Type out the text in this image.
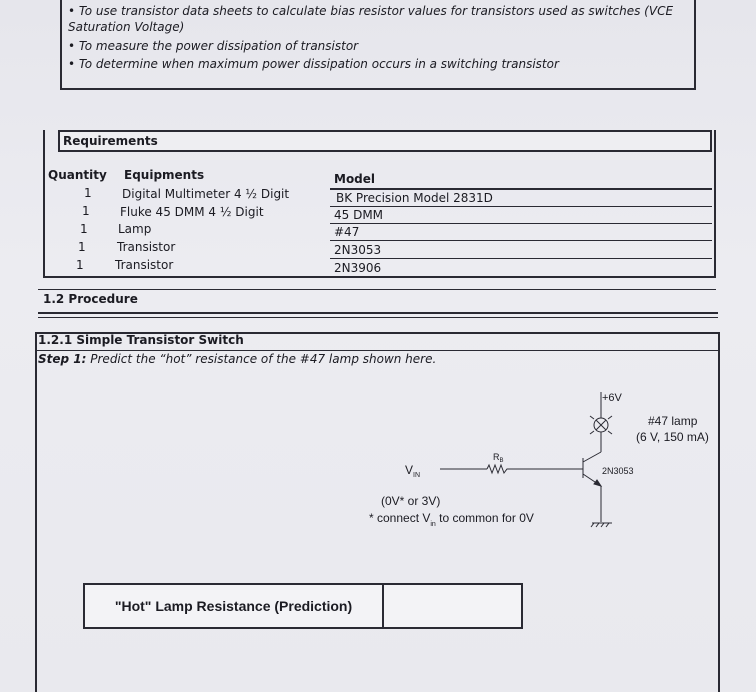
• To use transistor data sheets to calculate bias resistor values for transistors used as switches (VCE
Saturation Voltage)
• To measure the power dissipation of transistor
• To determine when maximum power dissipation occurs in a switching transistor
Requirements
Quantity Equipments	Model
1	Digital Multimeter 4 ½ Digit	BK Precision Model 2831D
1	Fluke 45 DMM 4 ½ Digit	45 DMM
1	Lamp	#47
1	Transistor	2N3053
1	Transistor	2N3906
1.2 Procedure
1.2.1 Simple Transistor Switch
Step 1: Predict the “hot” resistance of the #47 lamp shown here.
+6V
#47 lamp
(6 V, 150 mA)
$R_B$
$V_{IN}$	2N3053
(0V* or 3V)
* connect $V_{in}$ to common for 0V
"Hot" Lamp Resistance (Prediction)
